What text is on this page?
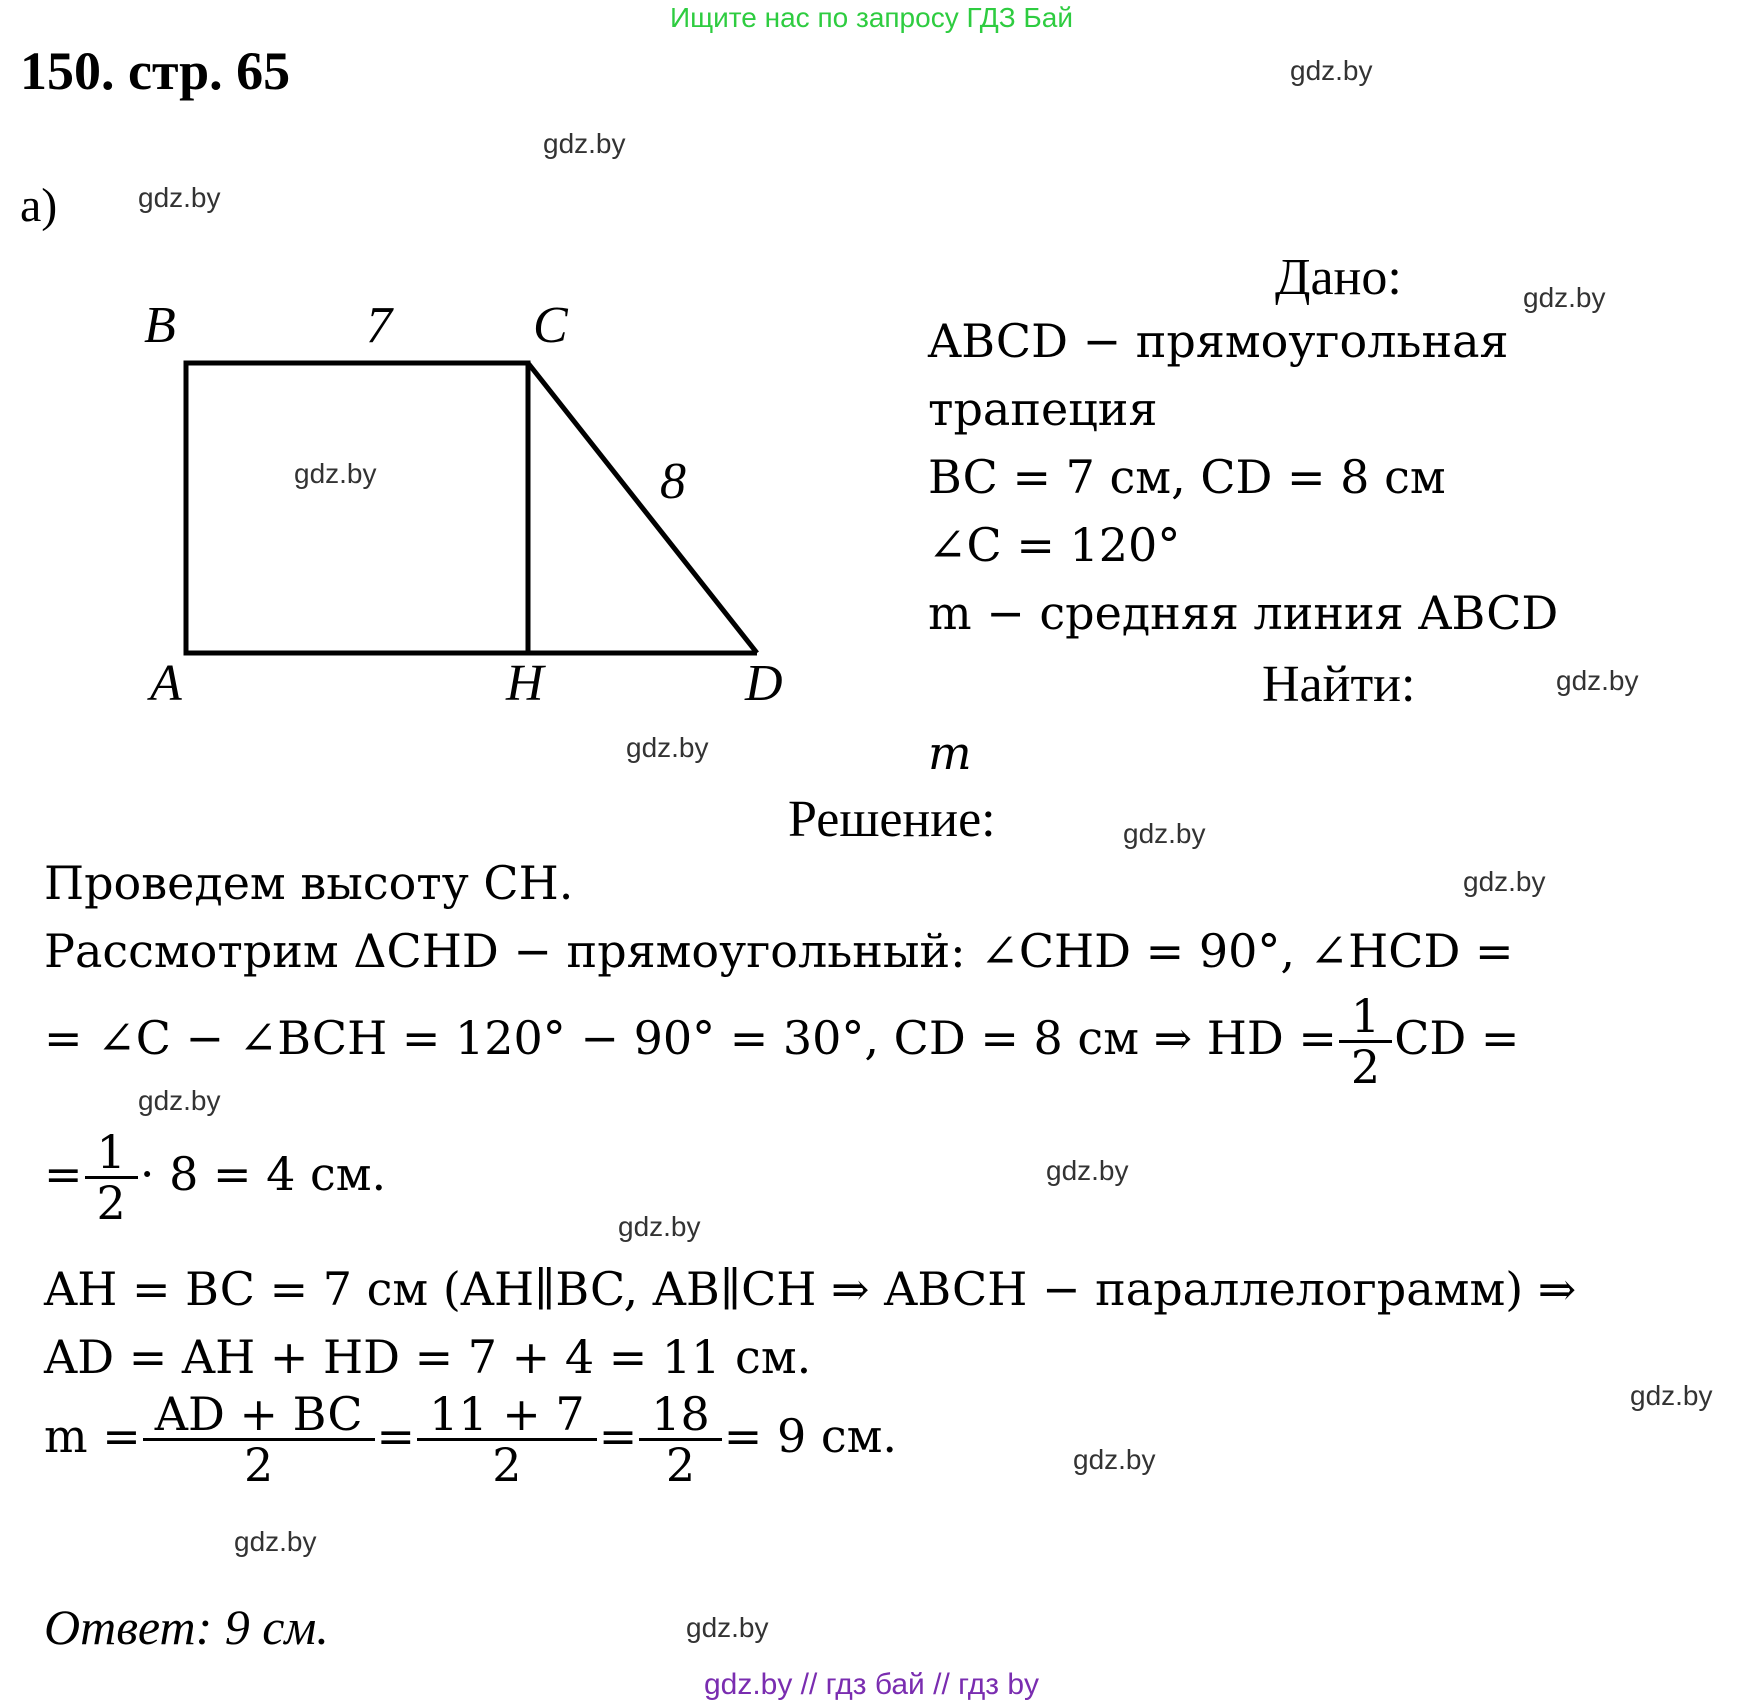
Ищите нас по запросу ГДЗ Бай
150. стр. 65	gdz.by
gdz.by
gdz.by
gdz.by
gdz.by
gdz.by
gdz.by
gdz.by
gdz.by
gdz.by
gdz.by
gdz.by
gdz.by
gdz.by
gdz.by
gdz.by
а)
B	C
A	H	D
7
8
Дано:
ABCD − прямоугольная
трапеция
BC = 7 см, CD = 8 см
∠C = 120°
m − средняя линия ABCD
Найти:
m
Решение:
Проведем высоту CH.
Рассмотрим ΔCHD − прямоугольный: ∠CHD = 90°, ∠HCD =
= ∠C − ∠BCH = 120° − 90° = 30°, CD = 8 см ⇒ HD = $\frac{1}{2}$ CD =
= $\frac{1}{2} \cdot 8 = 4$ см.
AH = BC = 7 см (AH∥BC, AB∥CH ⇒ ABCH − параллелограмм) ⇒
AD = AH + HD = 7 + 4 = 11 см.
$m = \frac{AD + BC}{2} = \frac{11 + 7}{2} = \frac{18}{2} = 9$ см.
Ответ: 9 см.
gdz.by // гдз бай // гдз by
